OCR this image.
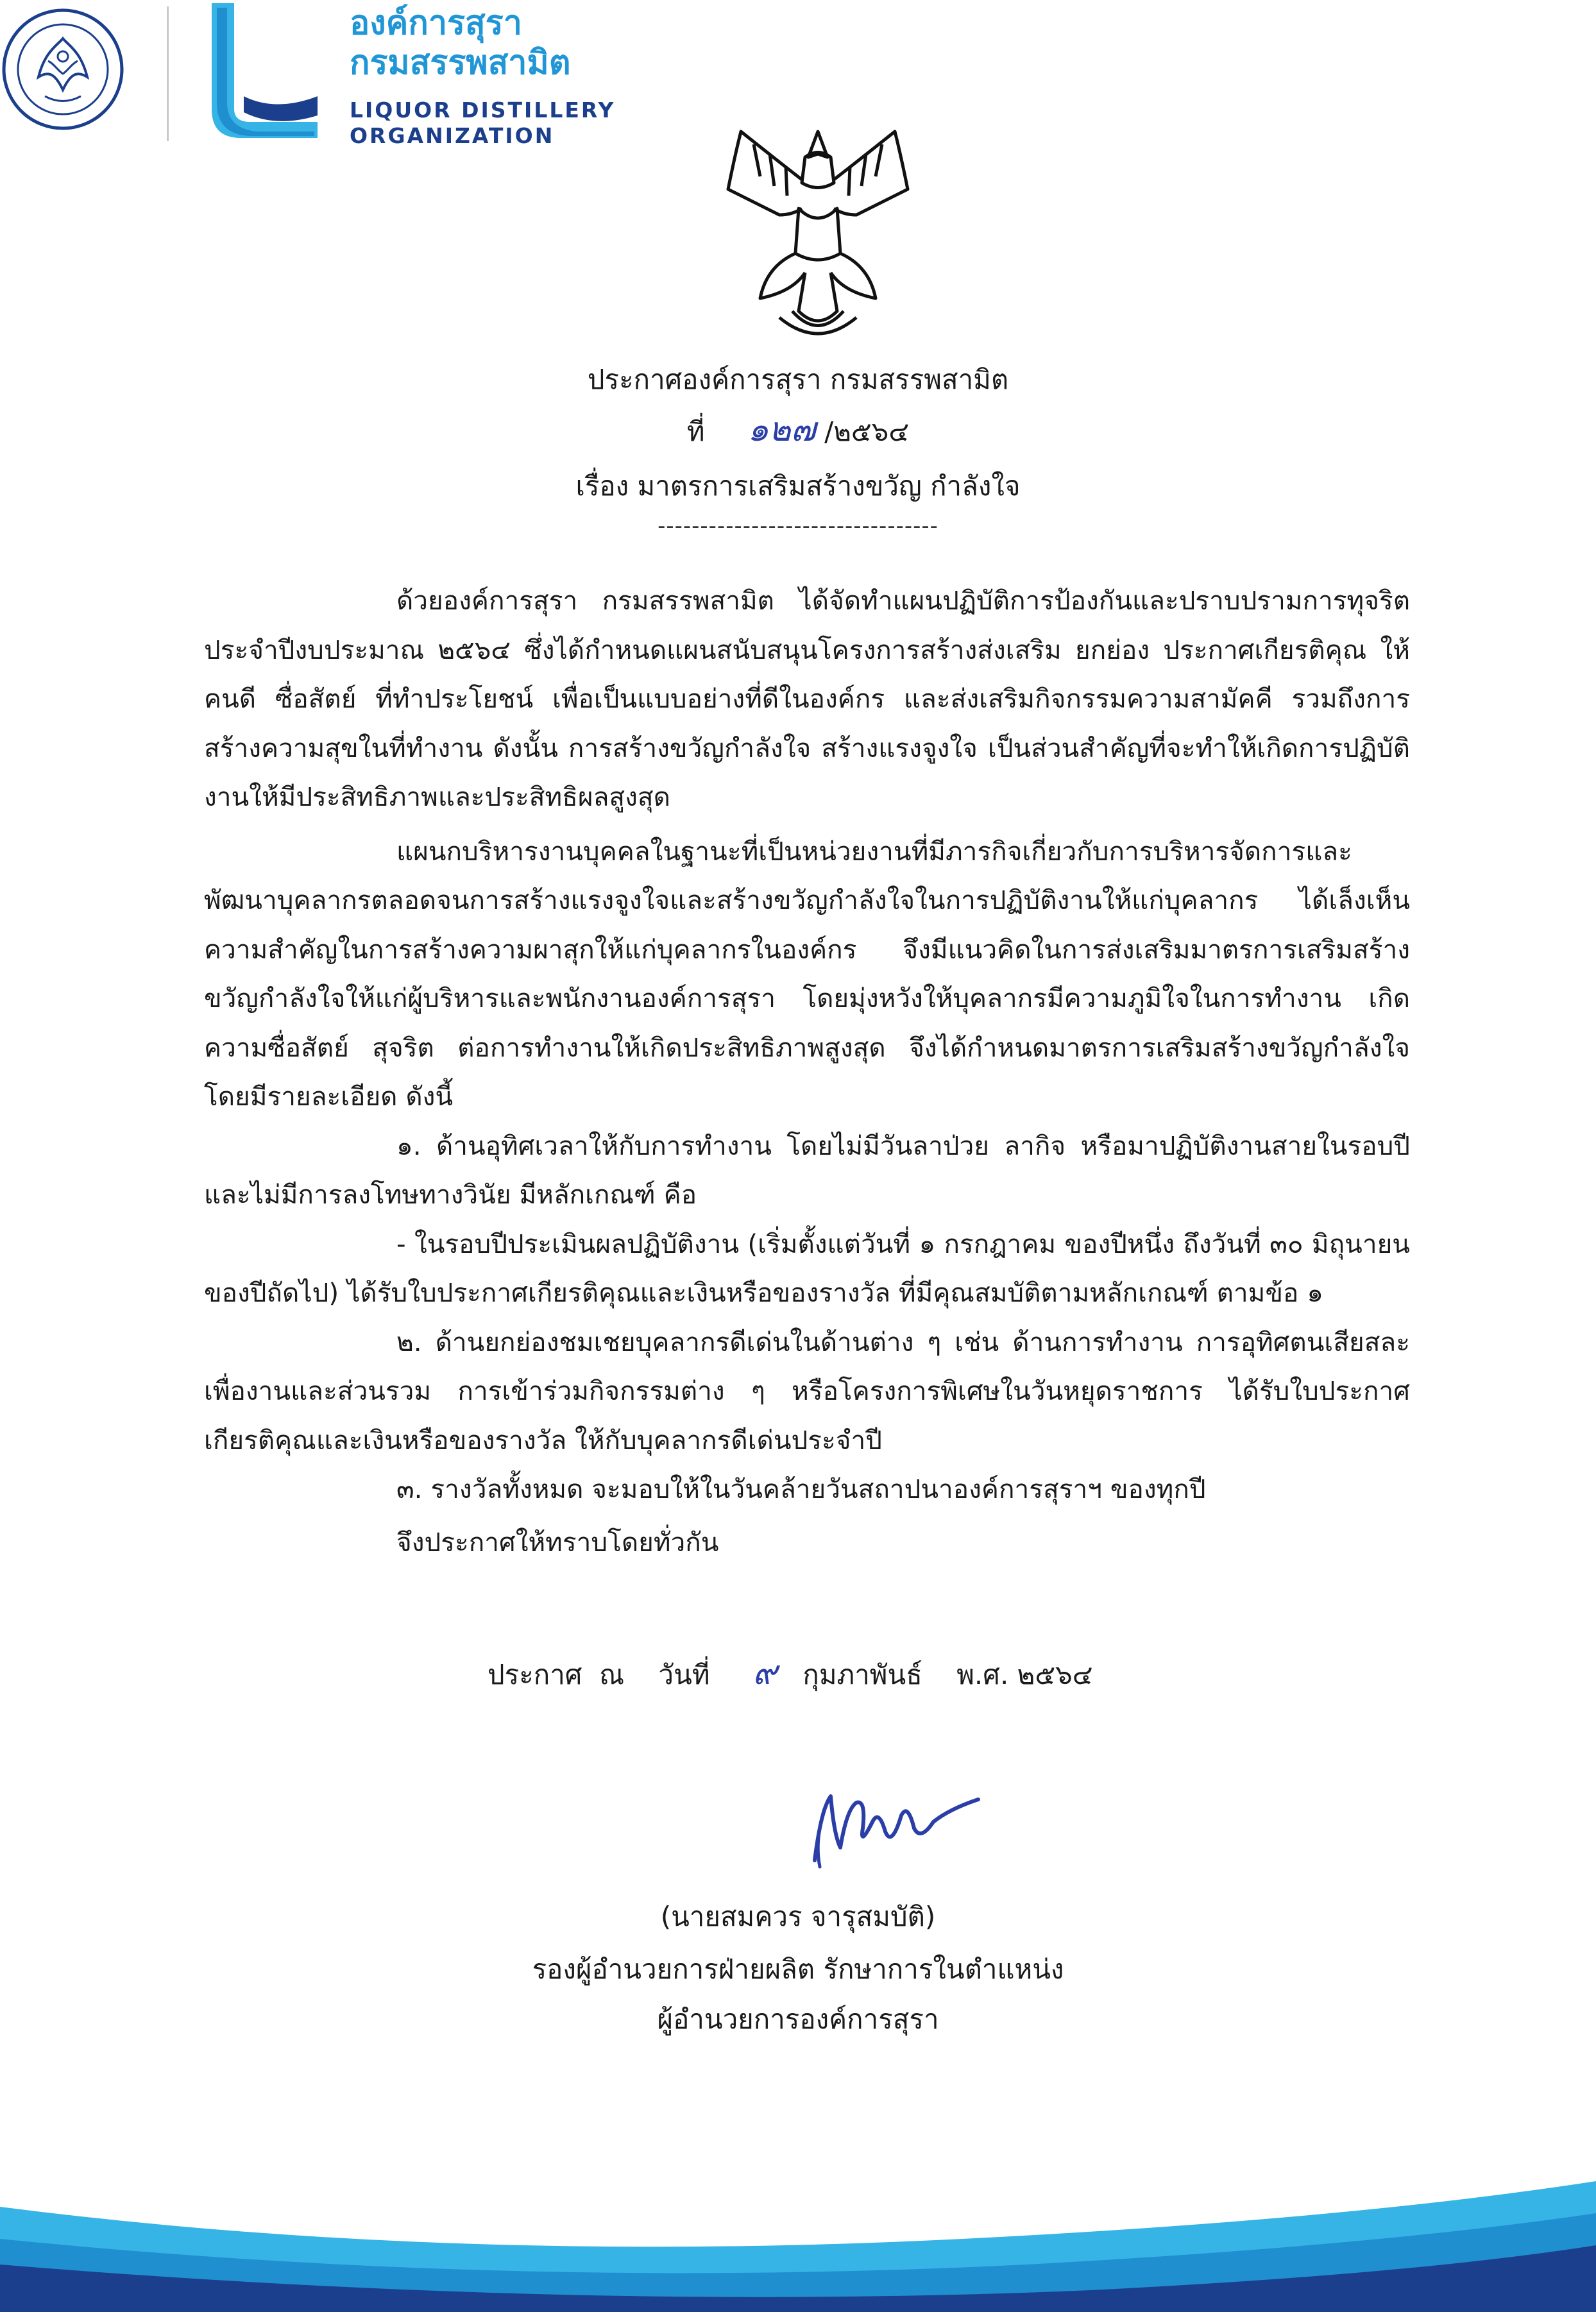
องค์การสุรา
กรมสรรพสามิต
LIQUOR DISTILLERY
ORGANIZATION
ประกาศองค์การสุรา กรมสรรพสามิต
ที่ ๑๒๗ /๒๕๖๔
เรื่อง มาตรการเสริมสร้างขวัญ กำลังใจ
---------------------------------

ด้วยองค์การสุรา กรมสรรพสามิต ได้จัดทำแผนปฏิบัติการป้องกันและปราบปรามการทุจริต ประจำปีงบประมาณ ๒๕๖๔ ซึ่งได้กำหนดแผนสนับสนุนโครงการสร้างส่งเสริม ยกย่อง ประกาศเกียรติคุณ ให้คนดี ซื่อสัตย์ ที่ทำประโยชน์ เพื่อเป็นแบบอย่างที่ดีในองค์กร และส่งเสริมกิจกรรมความสามัคคี รวมถึงการสร้างความสุขในที่ทำงาน ดังนั้น การสร้างขวัญกำลังใจ สร้างแรงจูงใจ เป็นส่วนสำคัญที่จะทำให้เกิดการปฏิบัติงานให้มีประสิทธิภาพและประสิทธิผลสูงสุด

แผนกบริหารงานบุคคลในฐานะที่เป็นหน่วยงานที่มีภารกิจเกี่ยวกับการบริหารจัดการและพัฒนาบุคลากรตลอดจนการสร้างแรงจูงใจและสร้างขวัญกำลังใจในการปฏิบัติงานให้แก่บุคลากร ได้เล็งเห็นความสำคัญในการสร้างความผาสุกให้แก่บุคลากรในองค์กร จึงมีแนวคิดในการส่งเสริมมาตรการเสริมสร้างขวัญกำลังใจให้แก่ผู้บริหารและพนักงานองค์การสุรา โดยมุ่งหวังให้บุคลากรมีความภูมิใจในการทำงาน เกิดความซื่อสัตย์ สุจริต ต่อการทำงานให้เกิดประสิทธิภาพสูงสุด จึงได้กำหนดมาตรการเสริมสร้างขวัญกำลังใจ โดยมีรายละเอียด ดังนี้

๑. ด้านอุทิศเวลาให้กับการทำงาน โดยไม่มีวันลาป่วย ลากิจ หรือมาปฏิบัติงานสายในรอบปี และไม่มีการลงโทษทางวินัย มีหลักเกณฑ์ คือ

- ในรอบปีประเมินผลปฏิบัติงาน (เริ่มตั้งแต่วันที่ ๑ กรกฎาคม ของปีหนึ่ง ถึงวันที่ ๓๐ มิถุนายนของปีถัดไป) ได้รับใบประกาศเกียรติคุณและเงินหรือของรางวัล ที่มีคุณสมบัติตามหลักเกณฑ์ ตามข้อ ๑

๒. ด้านยกย่องชมเชยบุคลากรดีเด่นในด้านต่าง ๆ เช่น ด้านการทำงาน การอุทิศตนเสียสละเพื่องานและส่วนรวม การเข้าร่วมกิจกรรมต่าง ๆ หรือโครงการพิเศษในวันหยุดราชการ ได้รับใบประกาศเกียรติคุณและเงินหรือของรางวัล ให้กับบุคลากรดีเด่นประจำปี

๓. รางวัลทั้งหมด จะมอบให้ในวันคล้ายวันสถาปนาองค์การสุราฯ ของทุกปี

จึงประกาศให้ทราบโดยทั่วกัน

ประกาศ  ณ    วันที่ ๙ กุมภาพันธ์ พ.ศ. ๒๕๖๔
(นายสมควร จารุสมบัติ)
รองผู้อำนวยการฝ่ายผลิต รักษาการในตำแหน่ง
ผู้อำนวยการองค์การสุรา
